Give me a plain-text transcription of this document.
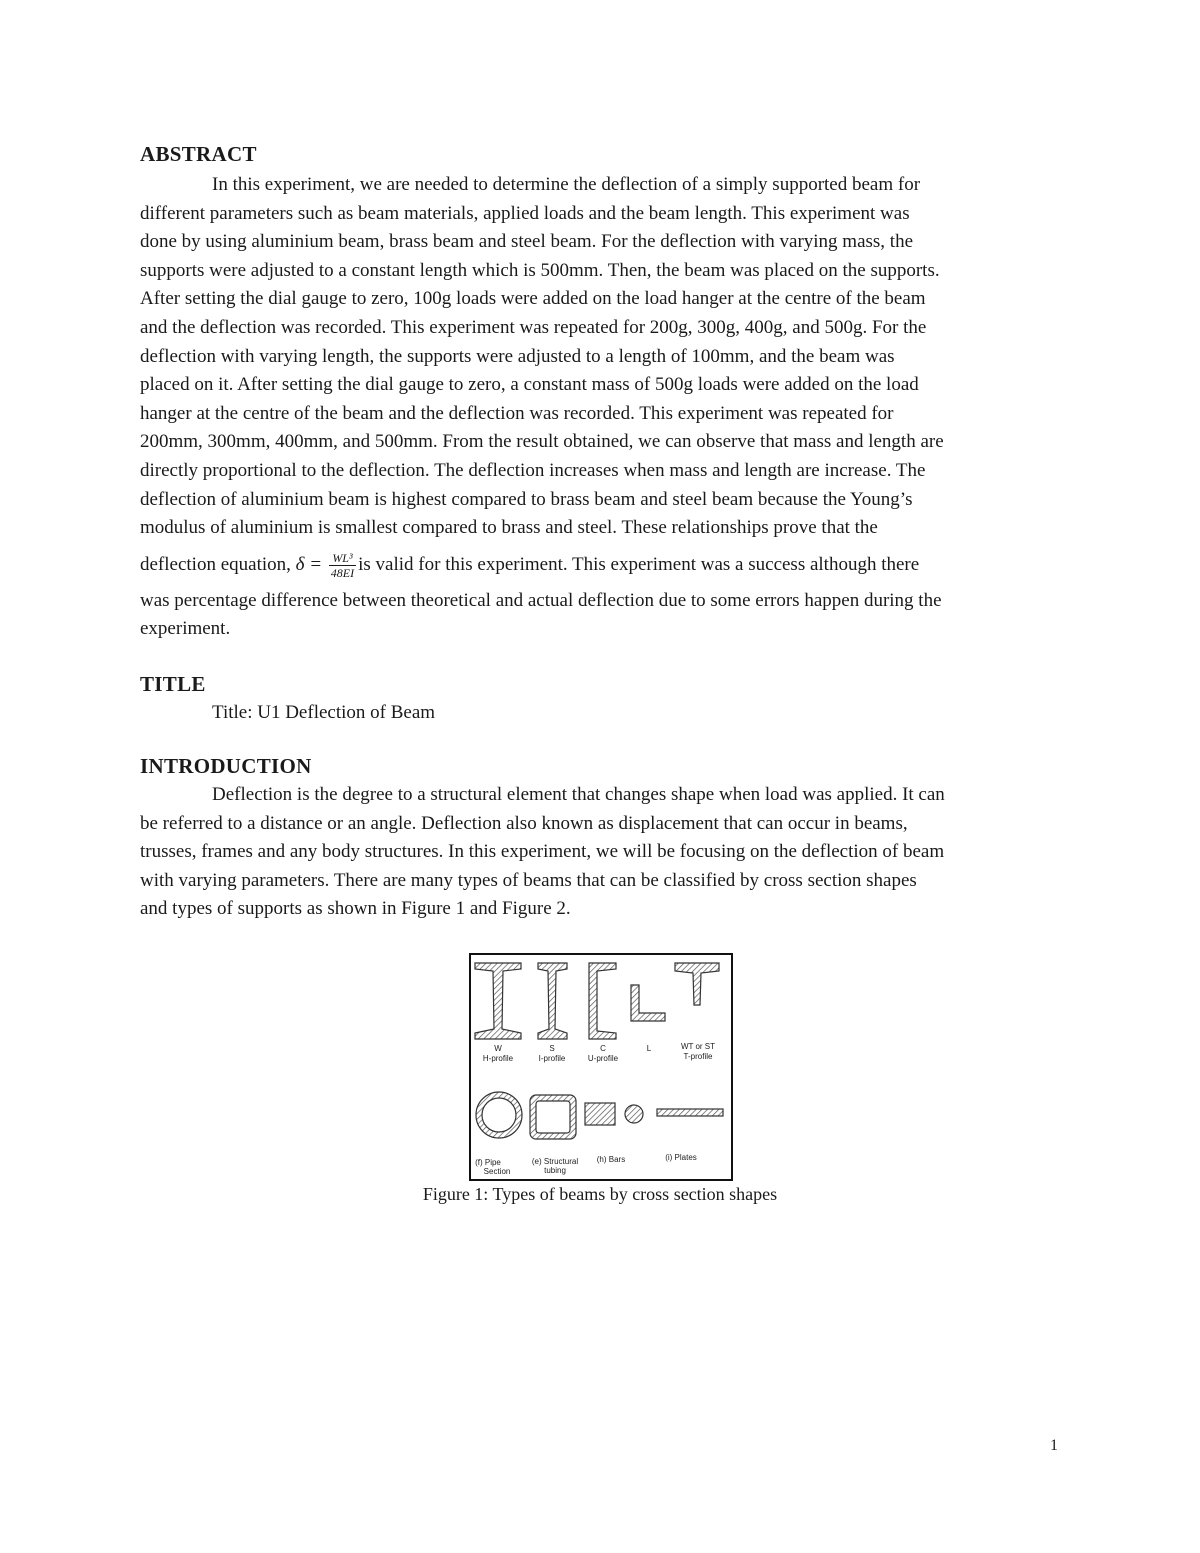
ABSTRACT
In this experiment, we are needed to determine the deflection of a simply supported beam for
different parameters such as beam materials, applied loads and the beam length. This experiment was
done by using aluminium beam, brass beam and steel beam. For the deflection with varying mass, the
supports were adjusted to a constant length which is 500mm. Then, the beam was placed on the supports.
After setting the dial gauge to zero, 100g loads were added on the load hanger at the centre of the beam
and the deflection was recorded. This experiment was repeated for 200g, 300g, 400g, and 500g. For the
deflection with varying length, the supports were adjusted to a length of 100mm, and the beam was
placed on it. After setting the dial gauge to zero, a constant mass of 500g loads were added on the load
hanger at the centre of the beam and the deflection was recorded. This experiment was repeated for
200mm, 300mm, 400mm, and 500mm. From the result obtained, we can observe that mass and length are
directly proportional to the deflection. The deflection increases when mass and length are increase. The
deflection of aluminium beam is highest compared to brass beam and steel beam because the Young’s
modulus of aluminium is smallest compared to brass and steel. These relationships prove that the
deflection equation, $\delta = \frac{\text{WL³}}{48EI}$ is valid for this experiment. This experiment was a success although there
was percentage difference between theoretical and actual deflection due to some errors happen during the
experiment.
TITLE
Title: U1 Deflection of Beam
INTRODUCTION
Deflection is the degree to a structural element that changes shape when load was applied. It can
be referred to a distance or an angle. Deflection also known as displacement that can occur in beams,
trusses, frames and any body structures. In this experiment, we will be focusing on the deflection of beam
with varying parameters. There are many types of beams that can be classified by cross section shapes
and types of supports as shown in Figure 1 and Figure 2.
W
H-profile
S
I-profile
C
U-profile
L	WT or ST
T-profile
(f) Pipe
Section
(e) Structural
tubing
(h) Bars	(i) Plates
Figure 1: Types of beams by cross section shapes
1
